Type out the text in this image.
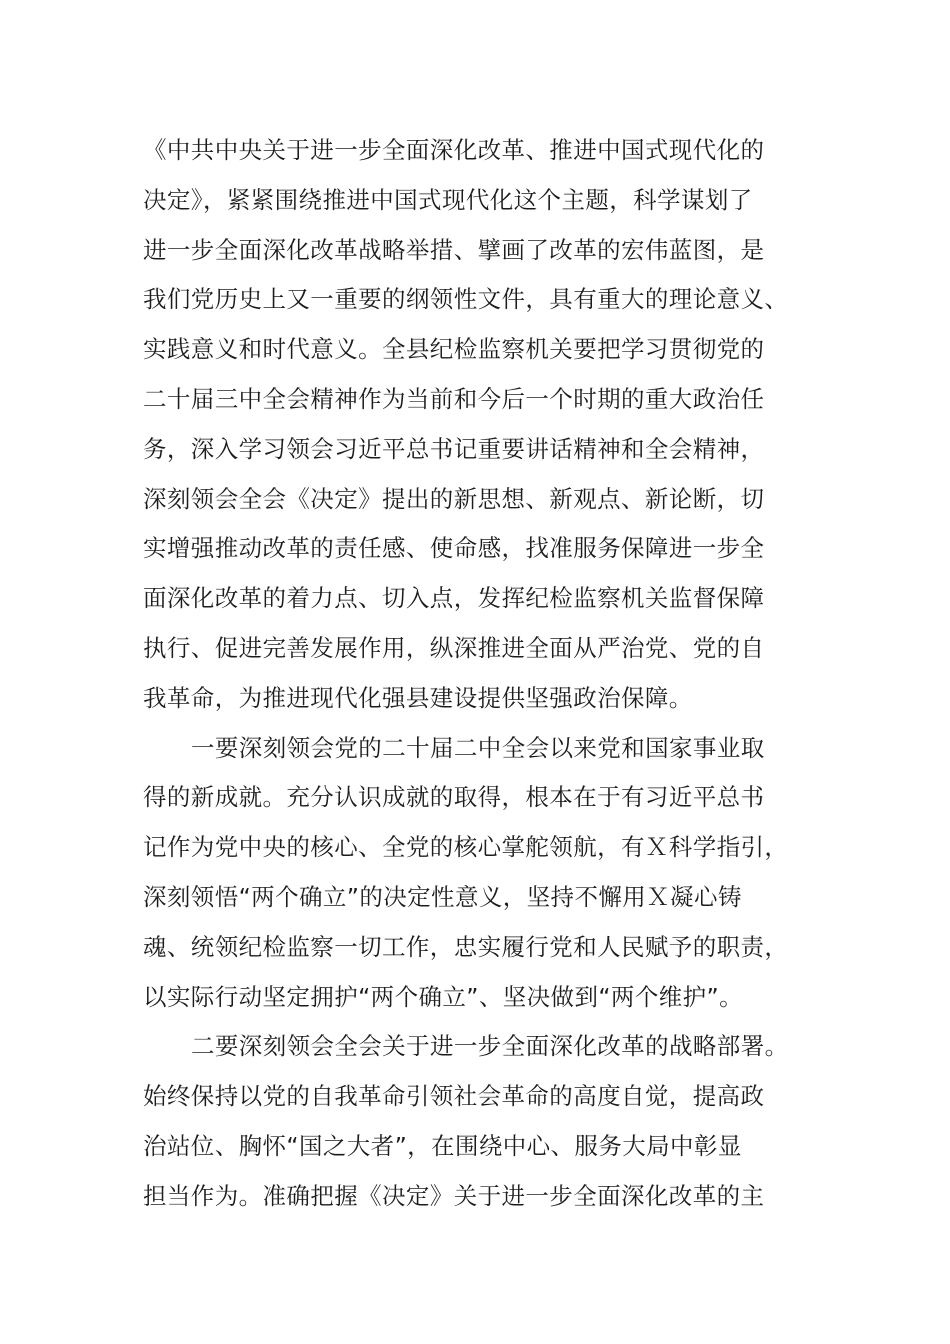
《中共中央关于进一步全面深化改革、推进中国式现代化的
决定》，紧紧围绕推进中国式现代化这个主题，科学谋划了
进一步全面深化改革战略举措、擘画了改革的宏伟蓝图，是
我们党历史上又一重要的纲领性文件，具有重大的理论意义、
实践意义和时代意义。全县纪检监察机关要把学习贯彻党的
二十届三中全会精神作为当前和今后一个时期的重大政治任
务，深入学习领会习近平总书记重要讲话精神和全会精神，
深刻领会全会《决定》提出的新思想、新观点、新论断，切
实增强推动改革的责任感、使命感，找准服务保障进一步全
面深化改革的着力点、切入点，发挥纪检监察机关监督保障
执行、促进完善发展作用，纵深推进全面从严治党、党的自
我革命，为推进现代化强县建设提供坚强政治保障。
一要深刻领会党的二十届二中全会以来党和国家事业取
得的新成就。充分认识成就的取得，根本在于有习近平总书
记作为党中央的核心、全党的核心掌舵领航，有Ｘ科学指引，
深刻领悟“两个确立”的决定性意义，坚持不懈用Ｘ凝心铸
魂、统领纪检监察一切工作，忠实履行党和人民赋予的职责，
以实际行动坚定拥护“两个确立”、坚决做到“两个维护”。
二要深刻领会全会关于进一步全面深化改革的战略部署。
始终保持以党的自我革命引领社会革命的高度自觉，提高政
治站位、胸怀“国之大者”，在围绕中心、服务大局中彰显
担当作为。准确把握《决定》关于进一步全面深化改革的主
